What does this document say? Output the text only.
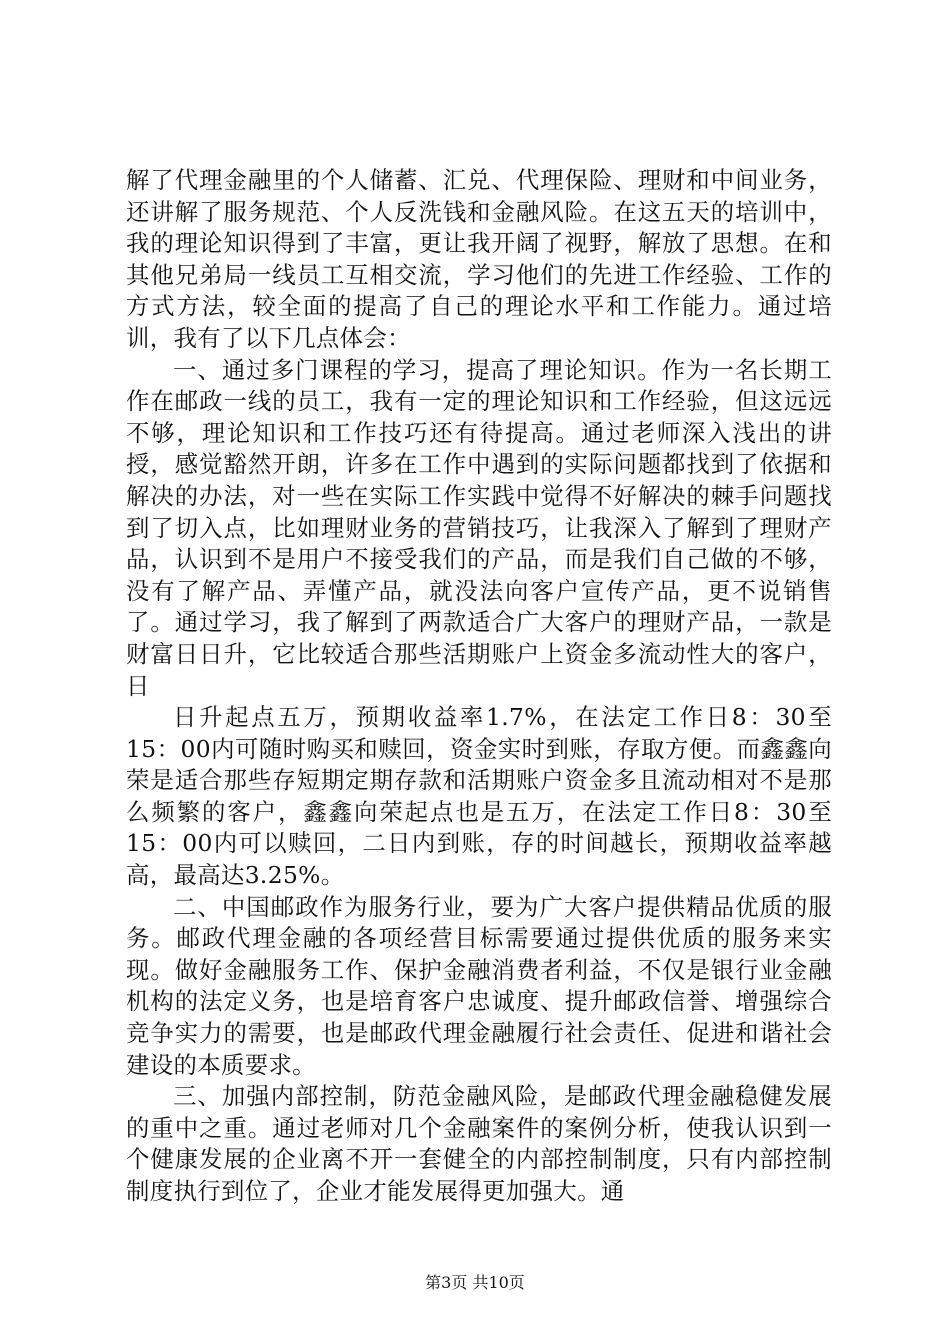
解了代理金融里的个人储蓄、汇兑、代理保险、理财和中间业务，还讲解了服务规范、个人反洗钱和金融风险。在这五天的培训中，我的理论知识得到了丰富，更让我开阔了视野，解放了思想。在和其他兄弟局一线员工互相交流，学习他们的先进工作经验、工作的方式方法，较全面的提高了自己的理论水平和工作能力。通过培训，我有了以下几点体会：

一、通过多门课程的学习，提高了理论知识。作为一名长期工作在邮政一线的员工，我有一定的理论知识和工作经验，但这远远不够，理论知识和工作技巧还有待提高。通过老师深入浅出的讲授，感觉豁然开朗，许多在工作中遇到的实际问题都找到了依据和解决的办法，对一些在实际工作实践中觉得不好解决的棘手问题找到了切入点，比如理财业务的营销技巧，让我深入了解到了理财产品，认识到不是用户不接受我们的产品，而是我们自己做的不够，没有了解产品、弄懂产品，就没法向客户宣传产品，更不说销售了。通过学习，我了解到了两款适合广大客户的理财产品，一款是财富日日升，它比较适合那些活期账户上资金多流动性大的客户，日

日升起点五万，预期收益率1.7%，在法定工作日8：30至15：00内可随时购买和赎回，资金实时到账，存取方便。而鑫鑫向荣是适合那些存短期定期存款和活期账户资金多且流动相对不是那么频繁的客户，鑫鑫向荣起点也是五万，在法定工作日8：30至15：00内可以赎回，二日内到账，存的时间越长，预期收益率越高，最高达3.25%。

二、中国邮政作为服务行业，要为广大客户提供精品优质的服务。邮政代理金融的各项经营目标需要通过提供优质的服务来实现。做好金融服务工作、保护金融消费者利益，不仅是银行业金融机构的法定义务，也是培育客户忠诚度、提升邮政信誉、增强综合竞争实力的需要，也是邮政代理金融履行社会责任、促进和谐社会建设的本质要求。

三、加强内部控制，防范金融风险，是邮政代理金融稳健发展的重中之重。通过老师对几个金融案件的案例分析，使我认识到一个健康发展的企业离不开一套健全的内部控制制度，只有内部控制制度执行到位了，企业才能发展得更加强大。通

第3页 共10页
